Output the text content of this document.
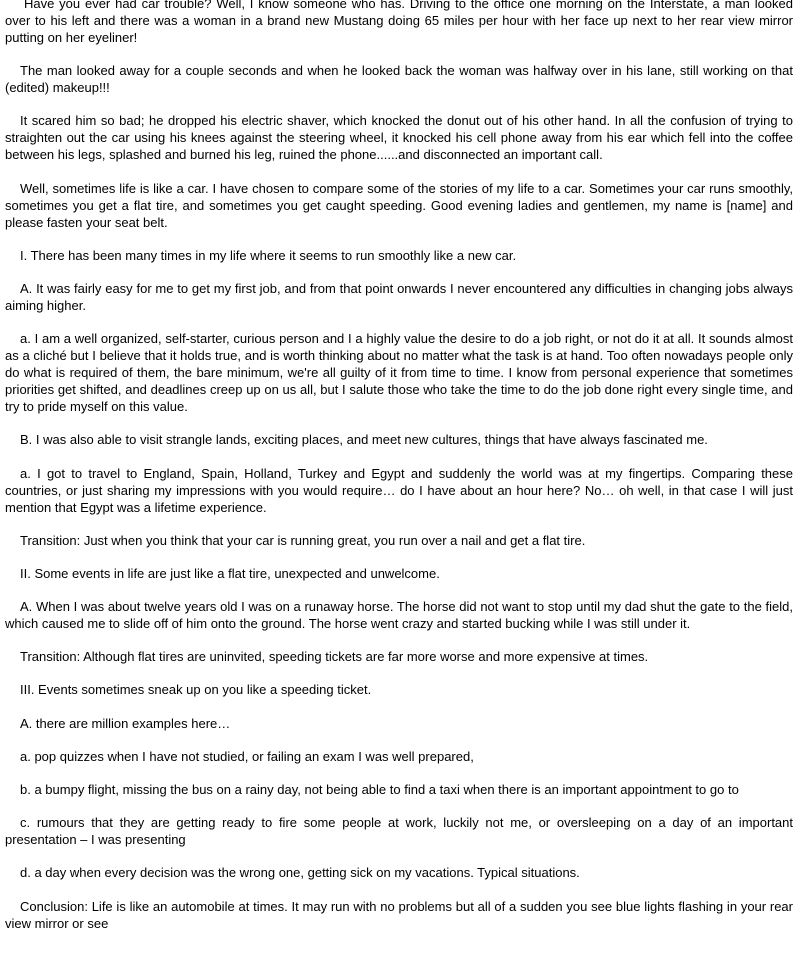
Have you ever had car trouble? Well, I know someone who has. Driving to the office one morning on the Interstate, a man looked over to his left and there was a woman in a brand new Mustang doing 65 miles per hour with her face up next to her rear view mirror putting on her eyeliner!

The man looked away for a couple seconds and when he looked back the woman was halfway over in his lane, still working on that (edited) makeup!!!

It scared him so bad; he dropped his electric shaver, which knocked the donut out of his other hand. In all the confusion of trying to straighten out the car using his knees against the steering wheel, it knocked his cell phone away from his ear which fell into the coffee between his legs, splashed and burned his leg, ruined the phone......and disconnected an important call.

Well, sometimes life is like a car. I have chosen to compare some of the stories of my life to a car. Sometimes your car runs smoothly, sometimes you get a flat tire, and sometimes you get caught speeding. Good evening ladies and gentlemen, my name is [name] and please fasten your seat belt.

I. There has been many times in my life where it seems to run smoothly like a new car.

A. It was fairly easy for me to get my first job, and from that point onwards I never encountered any difficulties in changing jobs always aiming higher.

a. I am a well organized, self-starter, curious person and I a highly value the desire to do a job right, or not do it at all. It sounds almost as a cliché but I believe that it holds true, and is worth thinking about no matter what the task is at hand. Too often nowadays people only do what is required of them, the bare minimum, we're all guilty of it from time to time. I know from personal experience that sometimes priorities get shifted, and deadlines creep up on us all, but I salute those who take the time to do the job done right every single time, and try to pride myself on this value.

B. I was also able to visit strangle lands, exciting places, and meet new cultures, things that have always fascinated me.

a. I got to travel to England, Spain, Holland, Turkey and Egypt and suddenly the world was at my fingertips. Comparing these countries, or just sharing my impressions with you would require… do I have about an hour here? No… oh well, in that case I will just mention that Egypt was a lifetime experience.

Transition: Just when you think that your car is running great, you run over a nail and get a flat tire.

II. Some events in life are just like a flat tire, unexpected and unwelcome.

A. When I was about twelve years old I was on a runaway horse. The horse did not want to stop until my dad shut the gate to the field, which caused me to slide off of him onto the ground. The horse went crazy and started bucking while I was still under it.

Transition: Although flat tires are uninvited, speeding tickets are far more worse and more expensive at times.

III. Events sometimes sneak up on you like a speeding ticket.

A. there are million examples here…

a. pop quizzes when I have not studied, or failing an exam I was well prepared,

b. a bumpy flight, missing the bus on a rainy day, not being able to find a taxi when there is an important appointment to go to

c. rumours that they are getting ready to fire some people at work, luckily not me, or oversleeping on a day of an important presentation – I was presenting

d. a day when every decision was the wrong one, getting sick on my vacations. Typical situations.

Conclusion: Life is like an automobile at times. It may run with no problems but all of a sudden you see blue lights flashing in your rear view mirror or see
